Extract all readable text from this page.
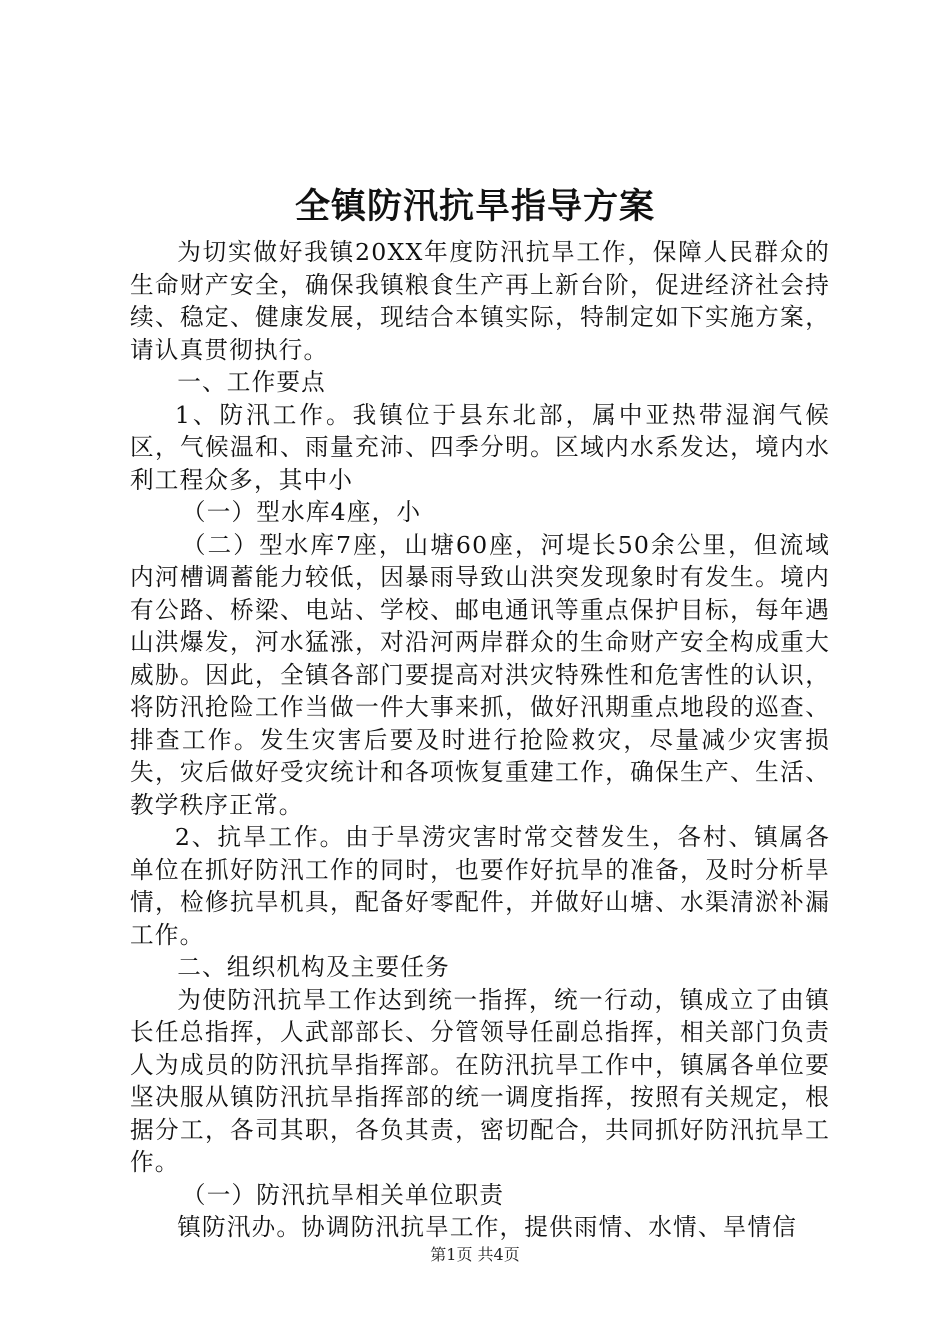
全镇防汛抗旱指导方案

为切实做好我镇20XX年度防汛抗旱工作，保障人民群众的生命财产安全，确保我镇粮食生产再上新台阶，促进经济社会持续、稳定、健康发展，现结合本镇实际，特制定如下实施方案，请认真贯彻执行。

一、工作要点

1、防汛工作。我镇位于县东北部，属中亚热带湿润气候区，气候温和、雨量充沛、四季分明。区域内水系发达，境内水利工程众多，其中小

（一）型水库4座，小

（二）型水库7座，山塘60座，河堤长50余公里，但流域内河槽调蓄能力较低，因暴雨导致山洪突发现象时有发生。境内有公路、桥梁、电站、学校、邮电通讯等重点保护目标，每年遇山洪爆发，河水猛涨，对沿河两岸群众的生命财产安全构成重大威胁。因此，全镇各部门要提高对洪灾特殊性和危害性的认识，将防汛抢险工作当做一件大事来抓，做好汛期重点地段的巡查、排查工作。发生灾害后要及时进行抢险救灾，尽量减少灾害损失，灾后做好受灾统计和各项恢复重建工作，确保生产、生活、教学秩序正常。

2、抗旱工作。由于旱涝灾害时常交替发生，各村、镇属各单位在抓好防汛工作的同时，也要作好抗旱的准备，及时分析旱情，检修抗旱机具，配备好零配件，并做好山塘、水渠清淤补漏工作。

二、组织机构及主要任务

为使防汛抗旱工作达到统一指挥，统一行动，镇成立了由镇长任总指挥，人武部部长、分管领导任副总指挥，相关部门负责人为成员的防汛抗旱指挥部。在防汛抗旱工作中，镇属各单位要坚决服从镇防汛抗旱指挥部的统一调度指挥，按照有关规定，根据分工，各司其职，各负其责，密切配合，共同抓好防汛抗旱工作。

（一）防汛抗旱相关单位职责

镇防汛办。协调防汛抗旱工作，提供雨情、水情、旱情信

第1页 共4页
